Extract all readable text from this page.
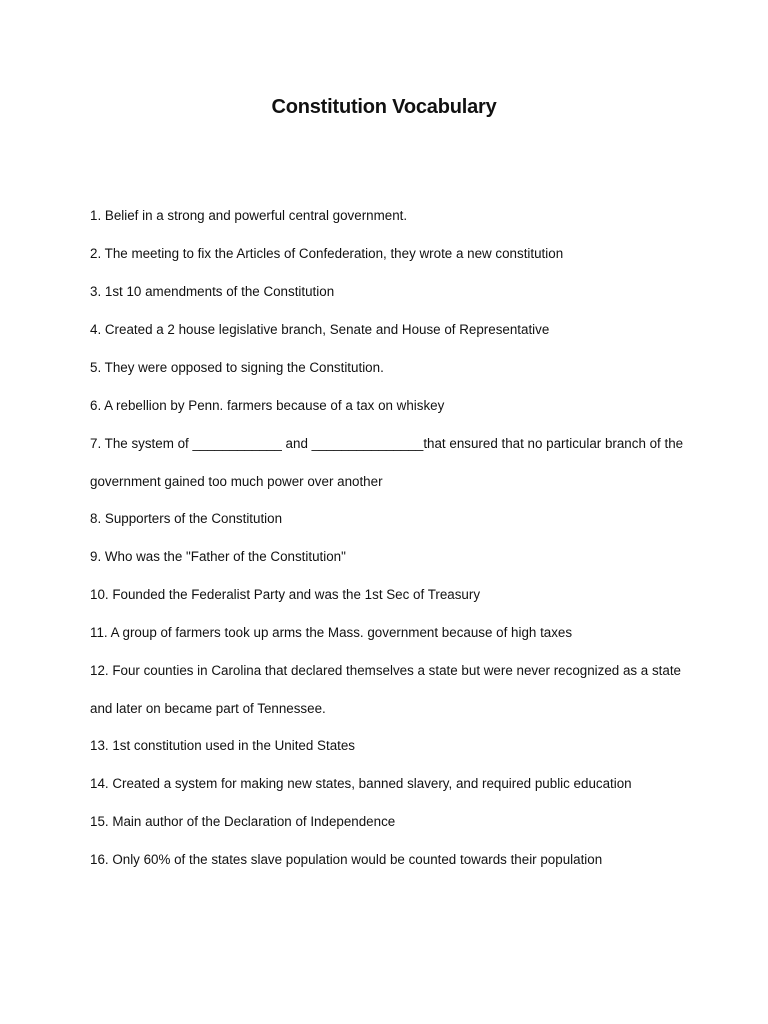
Constitution Vocabulary
1. Belief in a strong and powerful central government.
2. The meeting to fix the Articles of Confederation, they wrote a new constitution
3. 1st 10 amendments of the Constitution
4. Created a 2 house legislative branch, Senate and House of Representative
5. They were opposed to signing the Constitution.
6. A rebellion by Penn. farmers because of a tax on whiskey
7. The system of ____________ and _______________that ensured that no particular branch of the government gained too much power over another
8. Supporters of the Constitution
9. Who was the "Father of the Constitution"
10. Founded the Federalist Party and was the 1st Sec of Treasury
11. A group of farmers took up arms the Mass. government because of high taxes
12. Four counties in Carolina that declared themselves a state but were never recognized as a state and later on became part of Tennessee.
13. 1st constitution used in the United States
14. Created a system for making new states, banned slavery, and required public education
15. Main author of the Declaration of Independence
16. Only 60% of the states slave population would be counted towards their population
